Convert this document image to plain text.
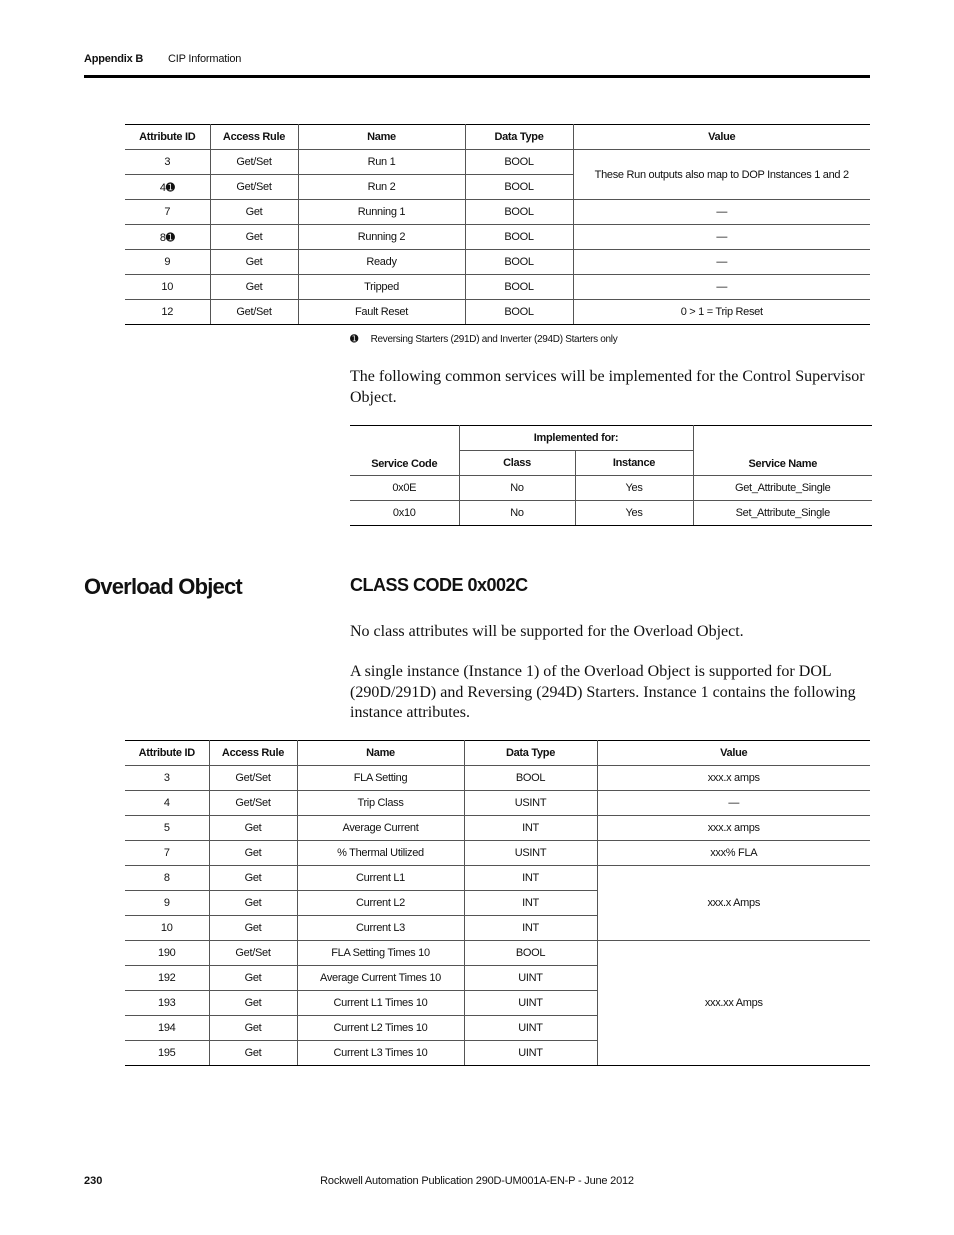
Appendix B CIP Information
Attribute ID	Access Rule	Name	Data Type	Value
3	Get/Set	Run 1	BOOL	These Run outputs also map to DOP Instances 1 and 2
4➊	Get/Set	Run 2	BOOL	
7	Get	Running 1	BOOL	—
8➊	Get	Running 2	BOOL	—
9	Get	Ready	BOOL	—
10	Get	Tripped	BOOL	—
12	Get/Set	Fault Reset	BOOL	0 > 1 = Trip Reset
➊ Reversing Starters (291D) and Inverter (294D) Starters only
The following common services will be implemented for the Control Supervisor Object.
Service Code	Implemented for:		Service Name
	Class	Instance	
0x0E	No	Yes	Get_Attribute_Single
0x10	No	Yes	Set_Attribute_Single
Overload Object	CLASS CODE 0x002C
No class attributes will be supported for the Overload Object.
A single instance (Instance 1) of the Overload Object is supported for DOL (290D/291D) and Reversing (294D) Starters. Instance 1 contains the following instance attributes.
Attribute ID	Access Rule	Name	Data Type	Value
3	Get/Set	FLA Setting	BOOL	xxx.x amps
4	Get/Set	Trip Class	USINT	—
5	Get	Average Current	INT	xxx.x amps
7	Get	% Thermal Utilized	USINT	xxx% FLA
8	Get	Current L1	INT	xxx.x Amps
9	Get	Current L2	INT	
10	Get	Current L3	INT	
190	Get/Set	FLA Setting Times 10	BOOL	xxx.xx Amps
192	Get	Average Current Times 10	UINT	
193	Get	Current L1 Times 10	UINT	
194	Get	Current L2 Times 10	UINT	
195	Get	Current L3 Times 10	UINT	
Rockwell Automation Publication 290D-UM001A-EN-P - June 2012
230
